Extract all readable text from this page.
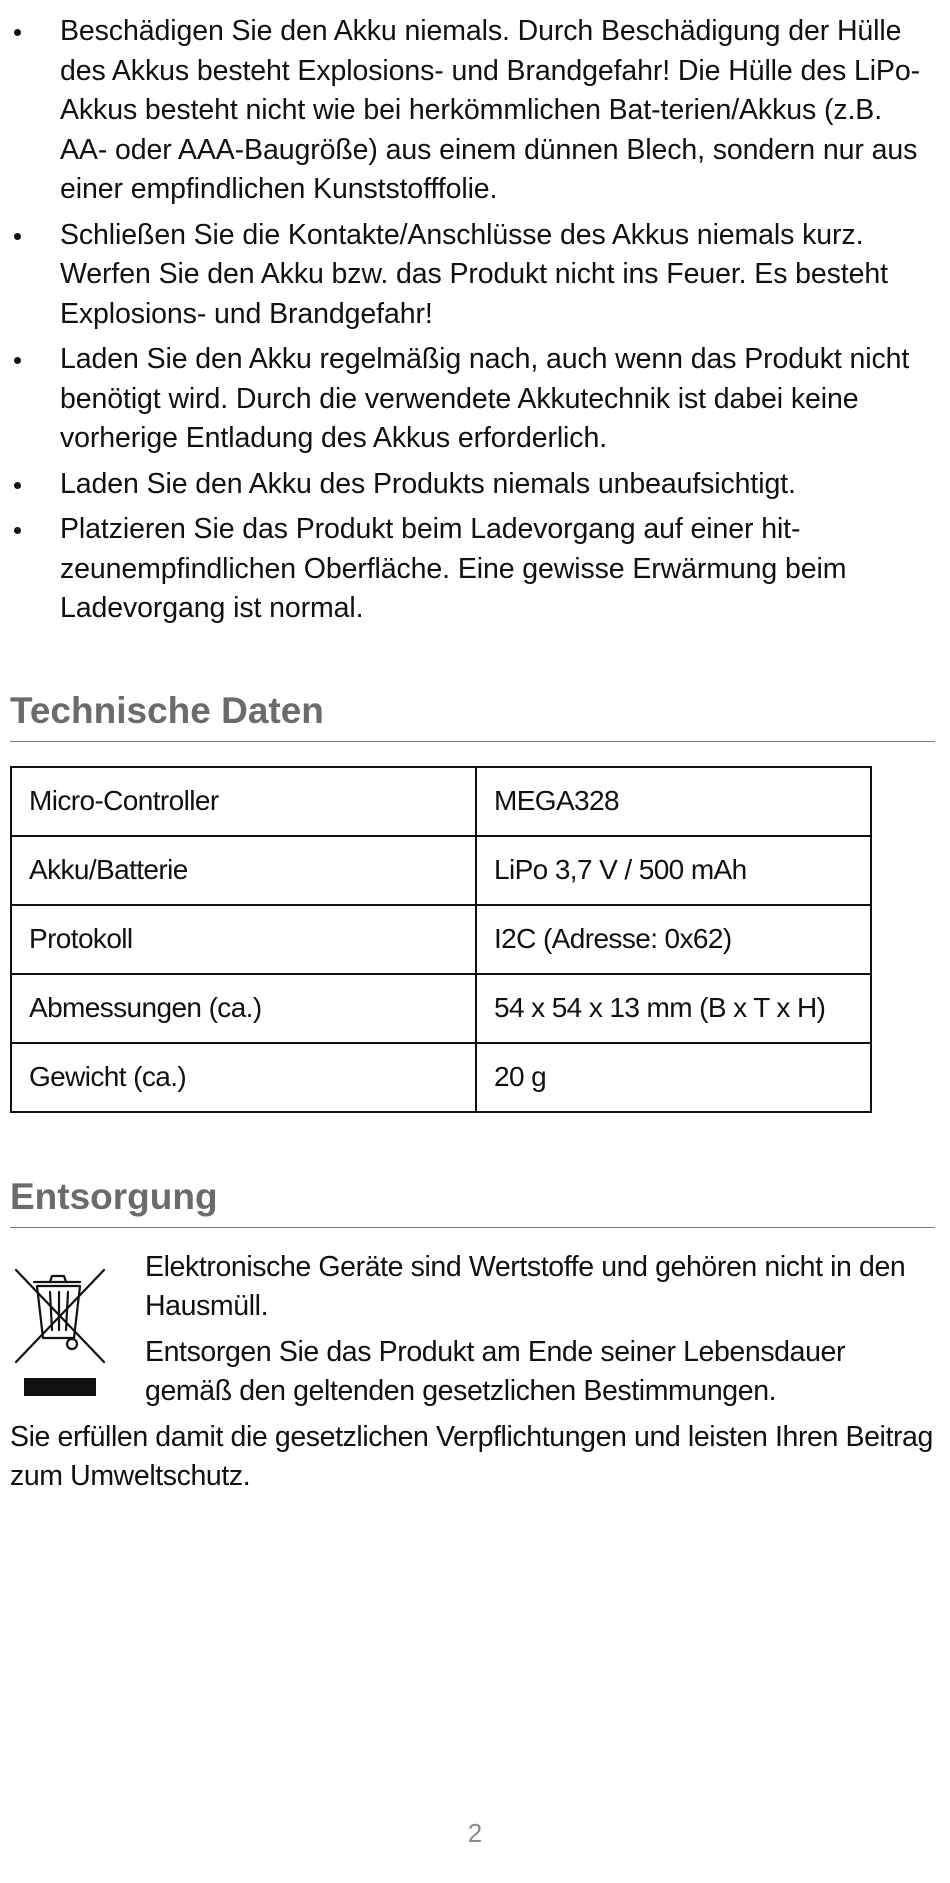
Beschädigen Sie den Akku niemals. Durch Beschädigung der Hülle des Akkus besteht Explosions- und Brandgefahr! Die Hülle des LiPo-Akkus besteht nicht wie bei herkömmlichen Bat-terien/Akkus (z.B. AA- oder AAA-Baugröße) aus einem dünnen Blech, sondern nur aus einer empfindlichen Kunststofffolie.
Schließen Sie die Kontakte/Anschlüsse des Akkus niemals kurz. Werfen Sie den Akku bzw. das Produkt nicht ins Feuer. Es besteht Explosions- und Brandgefahr!
Laden Sie den Akku regelmäßig nach, auch wenn das Produkt nicht benötigt wird. Durch die verwendete Akkutechnik ist dabei keine vorherige Entladung des Akkus erforderlich.
Laden Sie den Akku des Produkts niemals unbeaufsichtigt.
Platzieren Sie das Produkt beim Ladevorgang auf einer hit-zeunempfindlichen Oberfläche. Eine gewisse Erwärmung beim Ladevorgang ist normal.
Technische Daten
Micro-Controller	MEGA328
Akku/Batterie	LiPo 3,7 V / 500 mAh
Protokoll	I2C (Adresse: 0x62)
Abmessungen (ca.)	54 x 54 x 13 mm (B x T x H)
Gewicht (ca.)	20 g
Entsorgung

Elektronische Geräte sind Wertstoffe und gehören nicht in den Hausmüll.

Entsorgen Sie das Produkt am Ende seiner Lebensdauer gemäß den geltenden gesetzlichen Bestimmungen.

Sie erfüllen damit die gesetzlichen Verpflichtungen und leisten Ihren Beitrag zum Umweltschutz.

2
